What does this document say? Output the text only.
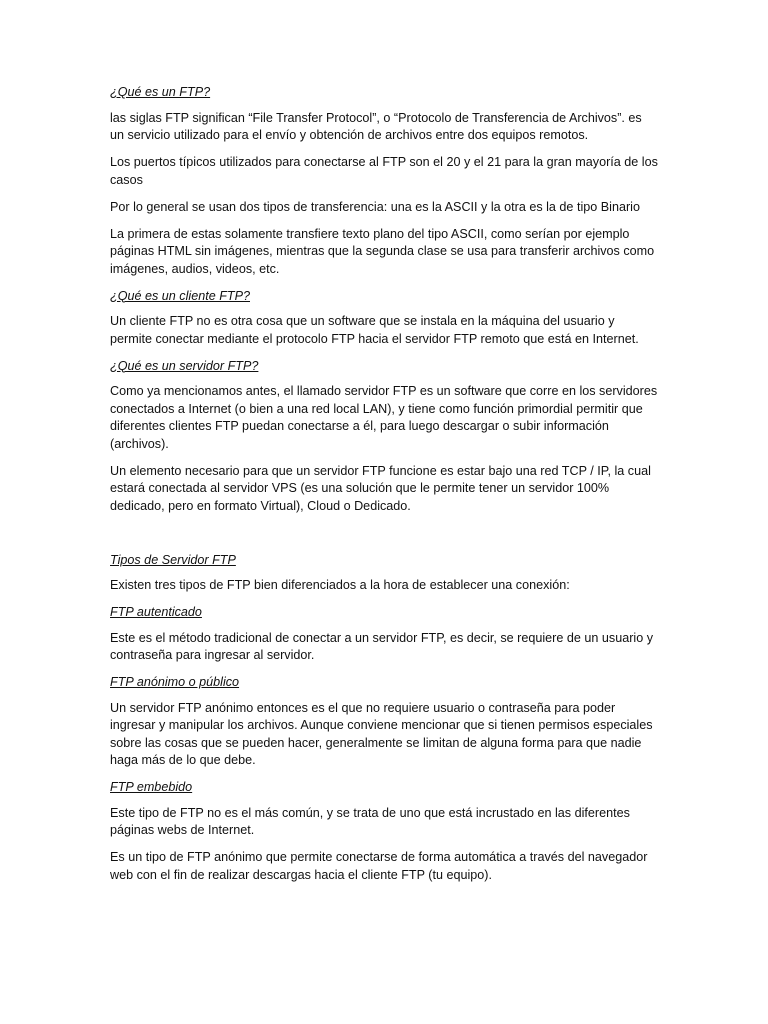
¿Qué es un FTP?

las siglas FTP significan “File Transfer Protocol”, o “Protocolo de Transferencia de Archivos”. es un servicio utilizado para el envío y obtención de archivos entre dos equipos remotos.

Los puertos típicos utilizados para conectarse al FTP son el 20 y el 21 para la gran mayoría de los casos

Por lo general se usan dos tipos de transferencia: una es la ASCII y la otra es la de tipo Binario

La primera de estas solamente transfiere texto plano del tipo ASCII, como serían por ejemplo páginas HTML sin imágenes, mientras que la segunda clase se usa para transferir archivos como imágenes, audios, videos, etc.

¿Qué es un cliente FTP?

Un cliente FTP no es otra cosa que un software que se instala en la máquina del usuario y permite conectar mediante el protocolo FTP hacia el servidor FTP remoto que está en Internet.

¿Qué es un servidor FTP?

Como ya mencionamos antes, el llamado servidor FTP es un software que corre en los servidores conectados a Internet (o bien a una red local LAN), y tiene como función primordial permitir que diferentes clientes FTP puedan conectarse a él, para luego descargar o subir información (archivos).

Un elemento necesario para que un servidor FTP funcione es estar bajo una red TCP / IP, la cual estará conectada al servidor VPS (es una solución que le permite tener un servidor 100% dedicado, pero en formato Virtual), Cloud o Dedicado.

Tipos de Servidor FTP

Existen tres tipos de FTP bien diferenciados a la hora de establecer una conexión:

FTP autenticado

Este es el método tradicional de conectar a un servidor FTP, es decir, se requiere de un usuario y contraseña para ingresar al servidor.

FTP anónimo o público

Un servidor FTP anónimo entonces es el que no requiere usuario o contraseña para poder ingresar y manipular los archivos. Aunque conviene mencionar que si tienen permisos especiales sobre las cosas que se pueden hacer, generalmente se limitan de alguna forma para que nadie haga más de lo que debe.

FTP embebido

Este tipo de FTP no es el más común, y se trata de uno que está incrustado en las diferentes páginas webs de Internet.

Es un tipo de FTP anónimo que permite conectarse de forma automática a través del navegador web con el fin de realizar descargas hacia el cliente FTP (tu equipo).
